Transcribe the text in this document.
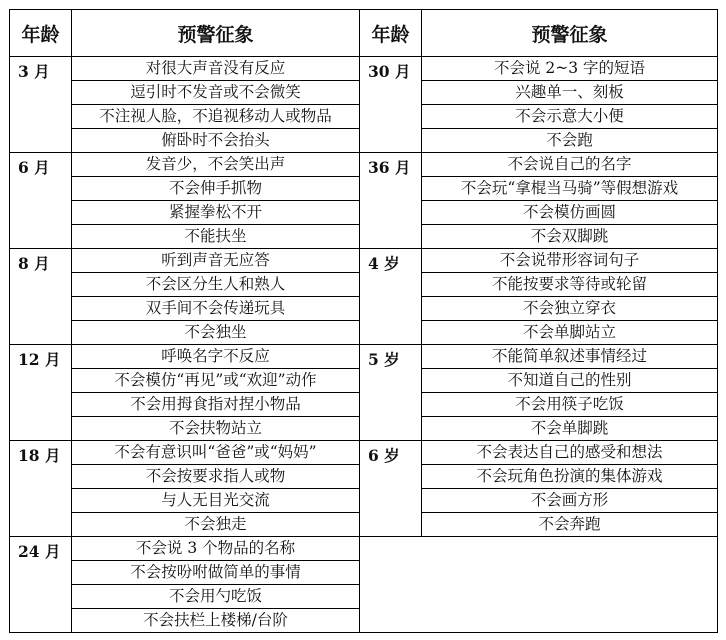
年龄	预警征象	年龄	预警征象
3 月	对很大声音没有反应	30 月	不会说 2~3 字的短语
	逗引时不发音或不会微笑		兴趣单一、刻板
	不注视人脸，不追视移动人或物品		不会示意大小便
	俯卧时不会抬头		不会跑
6 月	发音少，不会笑出声	36 月	不会说自己的名字
	不会伸手抓物		不会玩“拿棍当马骑”等假想游戏
	紧握拳松不开		不会模仿画圆
	不能扶坐		不会双脚跳
8 月	听到声音无应答	4 岁	不会说带形容词句子
	不会区分生人和熟人		不能按要求等待或轮留
	双手间不会传递玩具		不会独立穿衣
	不会独坐		不会单脚站立
12 月	呼唤名字不反应	5 岁	不能简单叙述事情经过
	不会模仿“再见”或“欢迎”动作		不知道自己的性别
	不会用拇食指对捏小物品		不会用筷子吃饭
	不会扶物站立		不会单脚跳
18 月	不会有意识叫“爸爸”或“妈妈”	6 岁	不会表达自己的感受和想法
	不会按要求指人或物		不会玩角色扮演的集体游戏
	与人无目光交流		不会画方形
	不会独走		不会奔跑
24 月	不会说 3 个物品的名称		
	不会按吩咐做简单的事情		
	不会用勺吃饭		
	不会扶栏上楼梯/台阶		
